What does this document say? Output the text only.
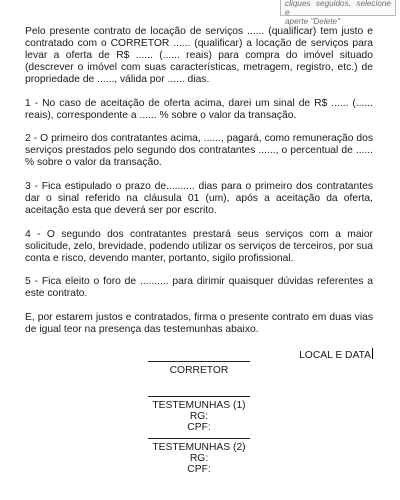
cliques seguidos, selecione e
aperte "Delete"

Pelo presente contrato de locação de serviços ...... (qualificar) tem justo e contratado com o CORRETOR ...... (qualificar) a locação de serviços para levar a oferta de R$ ...... (...... reais) para compra do imóvel situado (descrever o imóvel com suas características, metragem, registro, etc.) de propriedade de ......, válida por ...... dias.

1 - No caso de aceitação de oferta acima, darei um sinal de R$ ...... (...... reais), correspondente a ...... % sobre o valor da transação.

2 - O primeiro dos contratantes acima, ......, pagará, como remuneração dos serviços prestados pelo segundo dos contratantes ......, o percentual de ...... % sobre o valor da transação.

3 - Fica estipulado o prazo de.......... dias para o primeiro dos contratantes dar o sinal referido na cláusula 01 (um), após a aceitação da oferta, aceitação esta que deverá ser por escrito.

4 - O segundo dos contratantes prestará seus serviços com a maior solicitude, zelo, brevidade, podendo utilizar os serviços de terceiros, por sua conta e risco, devendo manter, portanto, sigilo profissional.

5 - Fica eleito o foro de .......... para dirimir quaisquer dúvidas referentes a este contrato.

E, por estarem justos e contratados, firma o presente contrato em duas vias de igual teor na presença das testemunhas abaixo.

LOCAL E DATA
CORRETOR
TESTEMUNHAS (1)
RG:
CPF:
TESTEMUNHAS (2)
RG:
CPF:
